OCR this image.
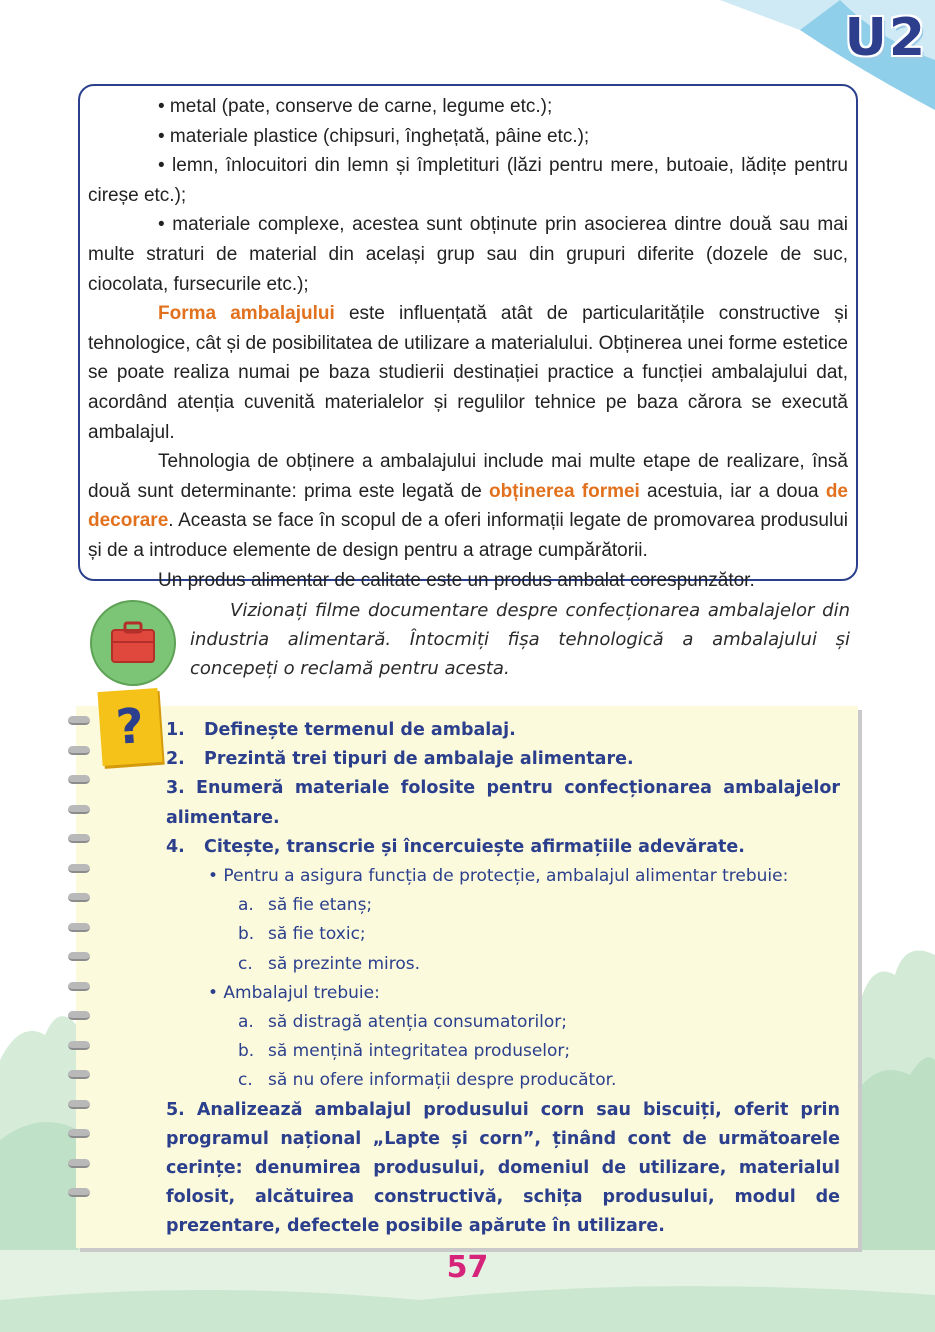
U2

• metal (pate, conserve de carne, legume etc.);

• materiale plastice (chipsuri, înghețată, pâine etc.);

• lemn, înlocuitori din lemn și împletituri (lăzi pentru mere, butoaie, lădițe pentru cireșe etc.);

• materiale complexe, acestea sunt obținute prin asocierea dintre două sau mai multe straturi de material din același grup sau din grupuri diferite (dozele de suc, ciocolata, fursecurile etc.);

Forma ambalajului este influențată atât de particularitățile constructive și tehnologice, cât și de posibilitatea de utilizare a materialului. Obținerea unei forme estetice se poate realiza numai pe baza studierii destinației practice a funcției ambalajului dat, acordând atenția cuvenită materialelor și regulilor tehnice pe baza cărora se execută ambalajul.

Tehnologia de obținere a ambalajului include mai multe etape de realizare, însă două sunt determinante: prima este legată de obținerea formei acestuia, iar a doua de decorare. Aceasta se face în scopul de a oferi informații legate de promovarea produsului și de a introduce elemente de design pentru a atrage cumpărătorii.

Un produs alimentar de calitate este un produs ambalat corespunzător.

Vizionați filme documentare despre confecționarea ambalajelor din industria alimentară. Întocmiți fișa tehnologică a ambalajului și concepeți o reclamă pentru acesta.

?	1. Definește termenul de ambalaj.
2. Prezintă trei tipuri de ambalaje alimentare.
3. Enumeră materiale folosite pentru confecționarea ambalajelor alimentare.
4. Citește, transcrie și încercuiește afirmațiile adevărate.
• Pentru a asigura funcția de protecție, ambalajul alimentar trebuie:
a. să fie etanș;
b. să fie toxic;
c. să prezinte miros.
• Ambalajul trebuie:
a. să distragă atenția consumatorilor;
b. să mențină integritatea produselor;
c. să nu ofere informații despre producător.
5. Analizează ambalajul produsului corn sau biscuiți, oferit prin programul național „Lapte și corn”, ținând cont de următoarele cerințe: denumirea produsului, domeniul de utilizare, materialul folosit, alcătuirea constructivă, schița produsului, modul de prezentare, defectele posibile apărute în utilizare.
57
